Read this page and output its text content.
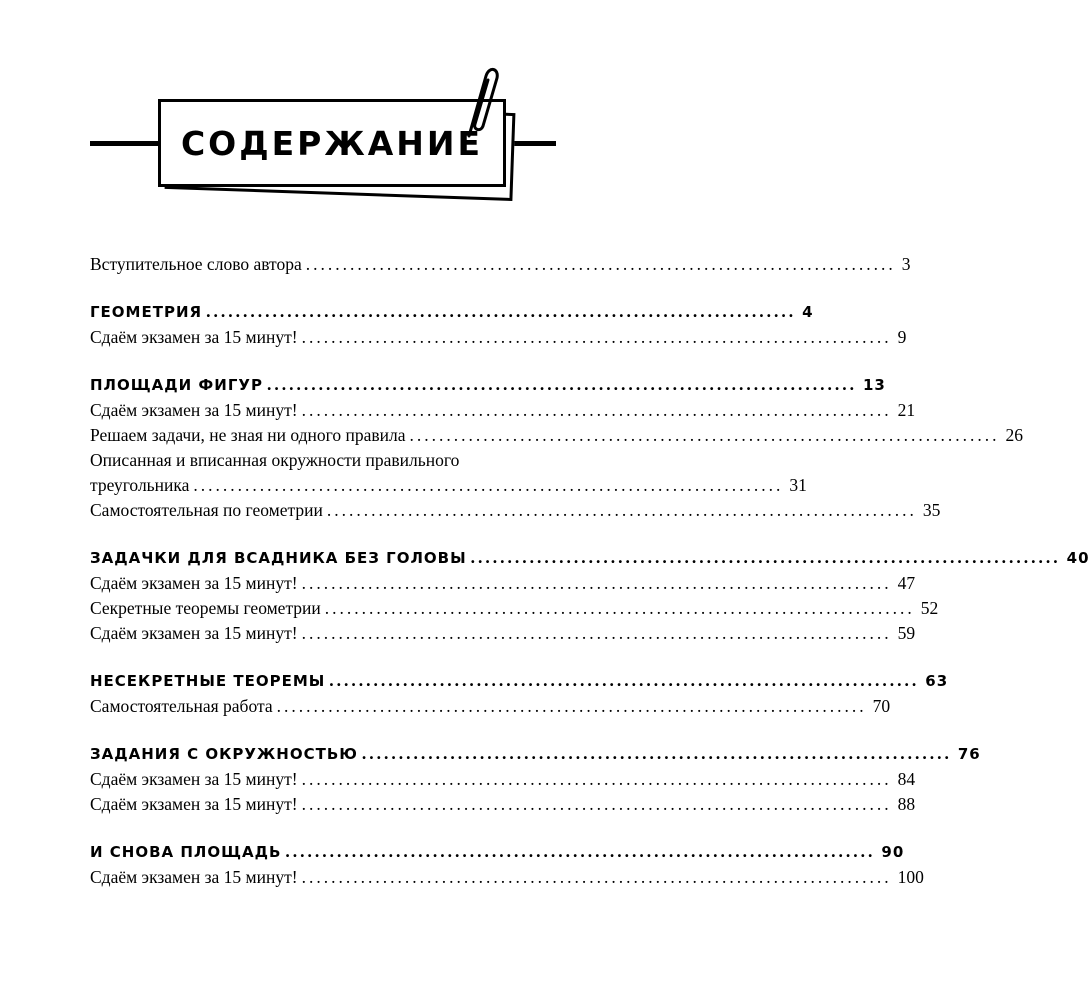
СОДЕРЖАНИЕ
Вступительное слово автора ................................................................................ 3
ГЕОМЕТРИЯ ................................................................................ 4
Сдаём экзамен за 15 минут! ................................................................................ 9
ПЛОЩАДИ ФИГУР ................................................................................ 13
Сдаём экзамен за 15 минут! ................................................................................ 21
Решаем задачи, не зная ни одного правила ................................................................................ 26
Описанная и вписанная окружности правильного
треугольника ................................................................................ 31
Самостоятельная по геометрии ................................................................................ 35
ЗАДАЧКИ ДЛЯ ВСАДНИКА БЕЗ ГОЛОВЫ ................................................................................ 40
Сдаём экзамен за 15 минут! ................................................................................ 47
Секретные теоремы геометрии ................................................................................ 52
Сдаём экзамен за 15 минут! ................................................................................ 59
НЕСЕКРЕТНЫЕ ТЕОРЕМЫ ................................................................................ 63
Самостоятельная работа ................................................................................ 70
ЗАДАНИЯ С ОКРУЖНОСТЬЮ ................................................................................ 76
Сдаём экзамен за 15 минут! ................................................................................ 84
Сдаём экзамен за 15 минут! ................................................................................ 88
И СНОВА ПЛОЩАДЬ ................................................................................ 90
Сдаём экзамен за 15 минут! ................................................................................ 100
